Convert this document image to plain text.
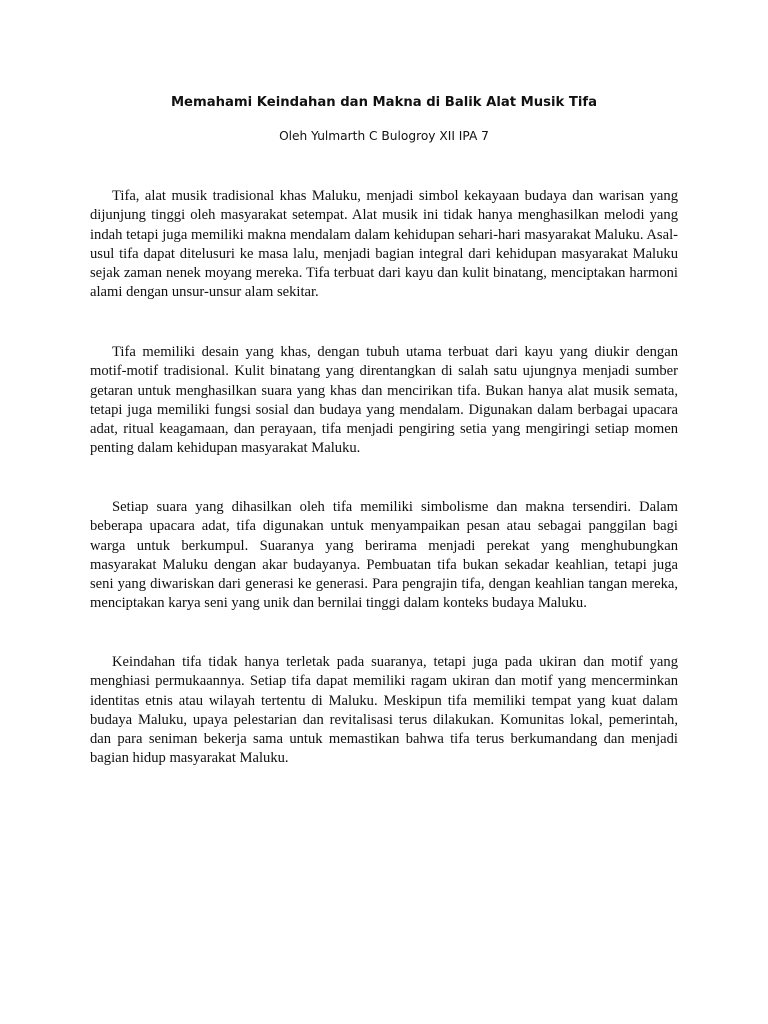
Memahami Keindahan dan Makna di Balik Alat Musik Tifa
Oleh Yulmarth C Bulogroy XII IPA 7

Tifa, alat musik tradisional khas Maluku, menjadi simbol kekayaan budaya dan warisan yang dijunjung tinggi oleh masyarakat setempat. Alat musik ini tidak hanya menghasilkan melodi yang indah tetapi juga memiliki makna mendalam dalam kehidupan sehari-hari masyarakat Maluku. Asal-usul tifa dapat ditelusuri ke masa lalu, menjadi bagian integral dari kehidupan masyarakat Maluku sejak zaman nenek moyang mereka. Tifa terbuat dari kayu dan kulit binatang, menciptakan harmoni alami dengan unsur-unsur alam sekitar.

Tifa memiliki desain yang khas, dengan tubuh utama terbuat dari kayu yang diukir dengan motif-motif tradisional. Kulit binatang yang direntangkan di salah satu ujungnya menjadi sumber getaran untuk menghasilkan suara yang khas dan mencirikan tifa. Bukan hanya alat musik semata, tetapi juga memiliki fungsi sosial dan budaya yang mendalam. Digunakan dalam berbagai upacara adat, ritual keagamaan, dan perayaan, tifa menjadi pengiring setia yang mengiringi setiap momen penting dalam kehidupan masyarakat Maluku.

Setiap suara yang dihasilkan oleh tifa memiliki simbolisme dan makna tersendiri. Dalam beberapa upacara adat, tifa digunakan untuk menyampaikan pesan atau sebagai panggilan bagi warga untuk berkumpul. Suaranya yang berirama menjadi perekat yang menghubungkan masyarakat Maluku dengan akar budayanya. Pembuatan tifa bukan sekadar keahlian, tetapi juga seni yang diwariskan dari generasi ke generasi. Para pengrajin tifa, dengan keahlian tangan mereka, menciptakan karya seni yang unik dan bernilai tinggi dalam konteks budaya Maluku.

Keindahan tifa tidak hanya terletak pada suaranya, tetapi juga pada ukiran dan motif yang menghiasi permukaannya. Setiap tifa dapat memiliki ragam ukiran dan motif yang mencerminkan identitas etnis atau wilayah tertentu di Maluku. Meskipun tifa memiliki tempat yang kuat dalam budaya Maluku, upaya pelestarian dan revitalisasi terus dilakukan. Komunitas lokal, pemerintah, dan para seniman bekerja sama untuk memastikan bahwa tifa terus berkumandang dan menjadi bagian hidup masyarakat Maluku.
